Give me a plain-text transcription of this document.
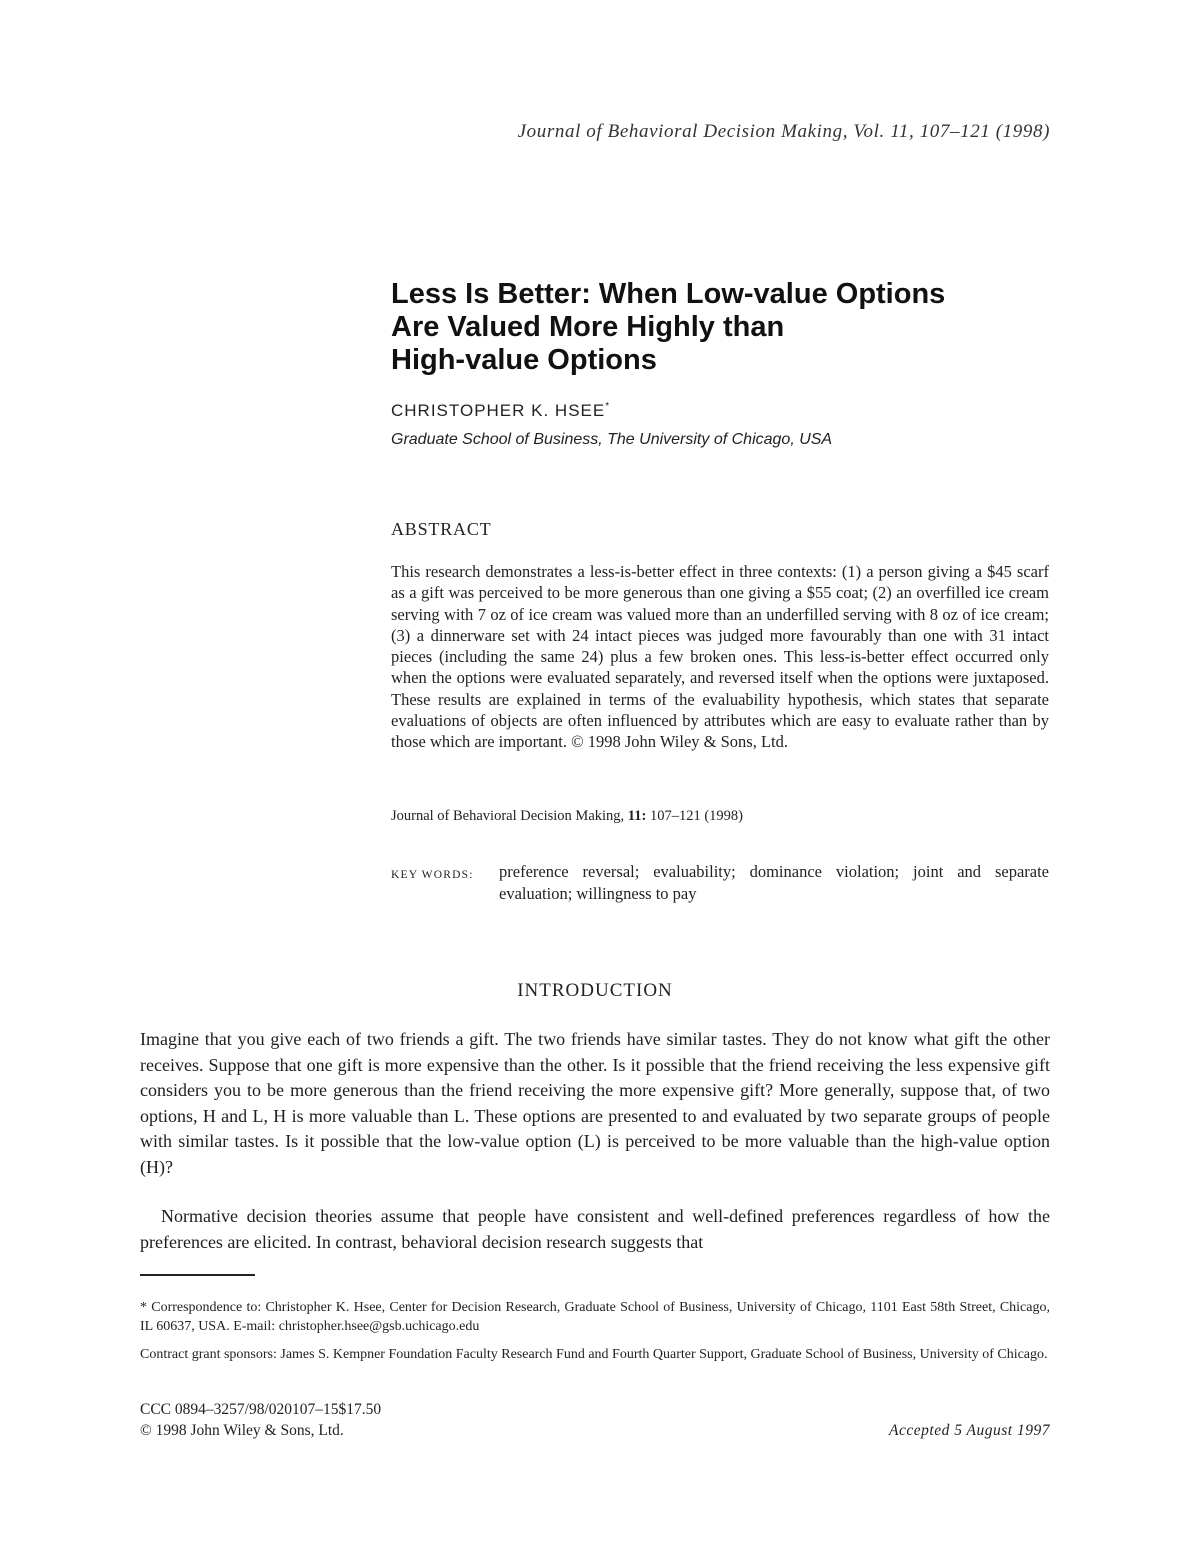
Journal of Behavioral Decision Making, Vol. 11, 107–121 (1998)
Less Is Better: When Low-value Options
Are Valued More Highly than
High-value Options
CHRISTOPHER K. HSEE*
Graduate School of Business, The University of Chicago, USA
ABSTRACT
This research demonstrates a less-is-better effect in three contexts: (1) a person giving a $45 scarf as a gift was perceived to be more generous than one giving a $55 coat; (2) an overfilled ice cream serving with 7 oz of ice cream was valued more than an underfilled serving with 8 oz of ice cream; (3) a dinnerware set with 24 intact pieces was judged more favourably than one with 31 intact pieces (including the same 24) plus a few broken ones. This less-is-better effect occurred only when the options were evaluated separately, and reversed itself when the options were juxtaposed. These results are explained in terms of the evaluability hypothesis, which states that separate evaluations of objects are often influenced by attributes which are easy to evaluate rather than by those which are important. © 1998 John Wiley & Sons, Ltd.
Journal of Behavioral Decision Making, 11: 107–121 (1998)
KEY WORDS: preference reversal; evaluability; dominance violation; joint and separate evaluation; willingness to pay
INTRODUCTION
Imagine that you give each of two friends a gift. The two friends have similar tastes. They do not know what gift the other receives. Suppose that one gift is more expensive than the other. Is it possible that the friend receiving the less expensive gift considers you to be more generous than the friend receiving the more expensive gift? More generally, suppose that, of two options, H and L, H is more valuable than L. These options are presented to and evaluated by two separate groups of people with similar tastes. Is it possible that the low-value option (L) is perceived to be more valuable than the high-value option (H)?
Normative decision theories assume that people have consistent and well-defined preferences regardless of how the preferences are elicited. In contrast, behavioral decision research suggests that
* Correspondence to: Christopher K. Hsee, Center for Decision Research, Graduate School of Business, University of Chicago, 1101 East 58th Street, Chicago, IL 60637, USA. E-mail: christopher.hsee@gsb.uchicago.edu
Contract grant sponsors: James S. Kempner Foundation Faculty Research Fund and Fourth Quarter Support, Graduate School of Business, University of Chicago.
CCC 0894–3257/98/020107–15$17.50
© 1998 John Wiley & Sons, Ltd.	Accepted 5 August 1997
